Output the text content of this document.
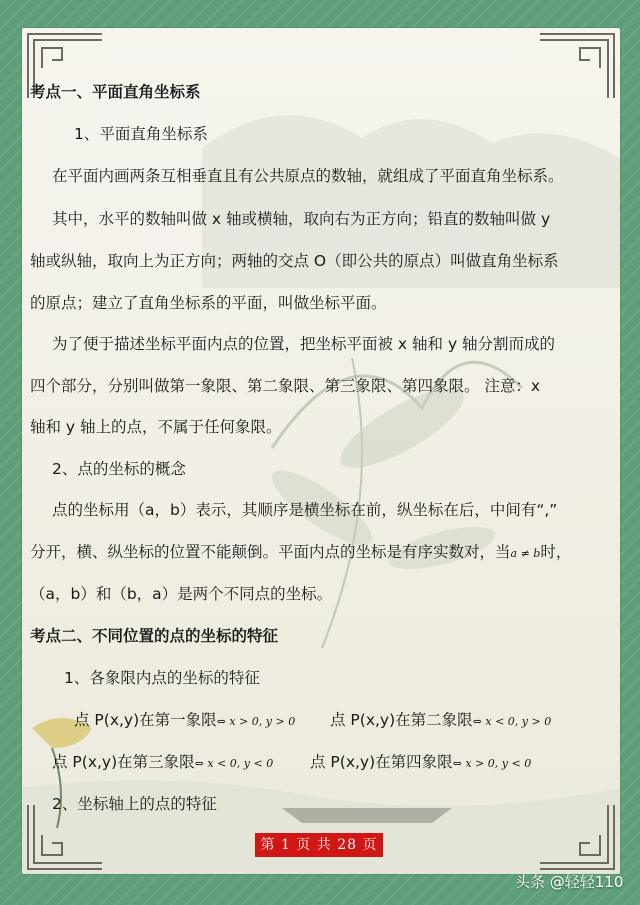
考点一、平面直角坐标系
1、平面直角坐标系
在平面内画两条互相垂直且有公共原点的数轴，就组成了平面直角坐标系。
其中，水平的数轴叫做 x 轴或横轴，取向右为正方向；铅直的数轴叫做 y
轴或纵轴，取向上为正方向；两轴的交点 O（即公共的原点）叫做直角坐标系
的原点；建立了直角坐标系的平面，叫做坐标平面。
为了便于描述坐标平面内点的位置，把坐标平面被 x 轴和 y 轴分割而成的
四个部分，分别叫做第一象限、第二象限、第三象限、第四象限。 注意：x
轴和 y 轴上的点，不属于任何象限。
2、点的坐标的概念
点的坐标用（a，b）表示，其顺序是横坐标在前，纵坐标在后，中间有“,”
分开，横、纵坐标的位置不能颠倒。平面内点的坐标是有序实数对，当a ≠ b时，
（a，b）和（b，a）是两个不同点的坐标。
考点二、不同位置的点的坐标的特征
1、各象限内点的坐标的特征
点 P(x,y)在第一象限⇔ x > 0, y > 0 点 P(x,y)在第二象限⇔ x < 0, y > 0
点 P(x,y)在第三象限⇔ x < 0, y < 0 点 P(x,y)在第四象限⇔ x > 0, y < 0
2、坐标轴上的点的特征
第 1 页 共 28 页
头条 @轻轻110
